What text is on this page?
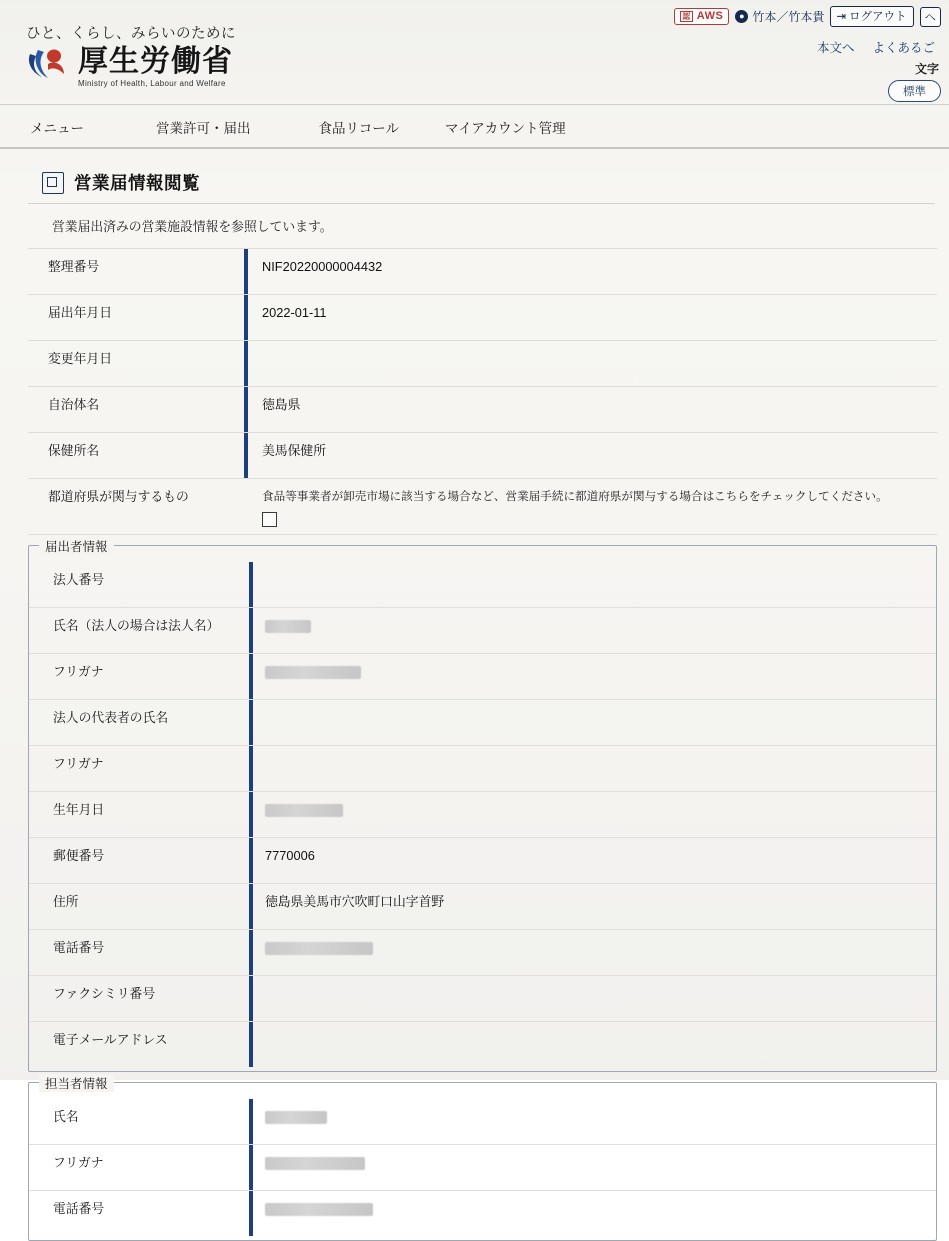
認 AWS	● 竹本／竹本貴 ⇥ ログアウト ヘ
本文へ よくあるご
文字
標準
ひと、くらし、みらいのために
厚生労働省
Ministry of Health, Labour and Welfare
メニュー	営業許可・届出	食品リコール	マイアカウント管理
営業届情報閲覧
営業届出済みの営業施設情報を参照しています。
整理番号	NIF20220000004432
届出年月日	2022-01-11
変更年月日
自治体名	徳島県
保健所名	美馬保健所
都道府県が関与するもの	食品等事業者が卸売市場に該当する場合など、営業届手続に都道府県が関与する場合はこちらをチェックしてください。
届出者情報
法人番号
氏名（法人の場合は法人名）
フリガナ
法人の代表者の氏名
フリガナ
生年月日
郵便番号	7770006
住所	徳島県美馬市穴吹町口山字首野
電話番号
ファクシミリ番号
電子メールアドレス
担当者情報
氏名
フリガナ
電話番号
